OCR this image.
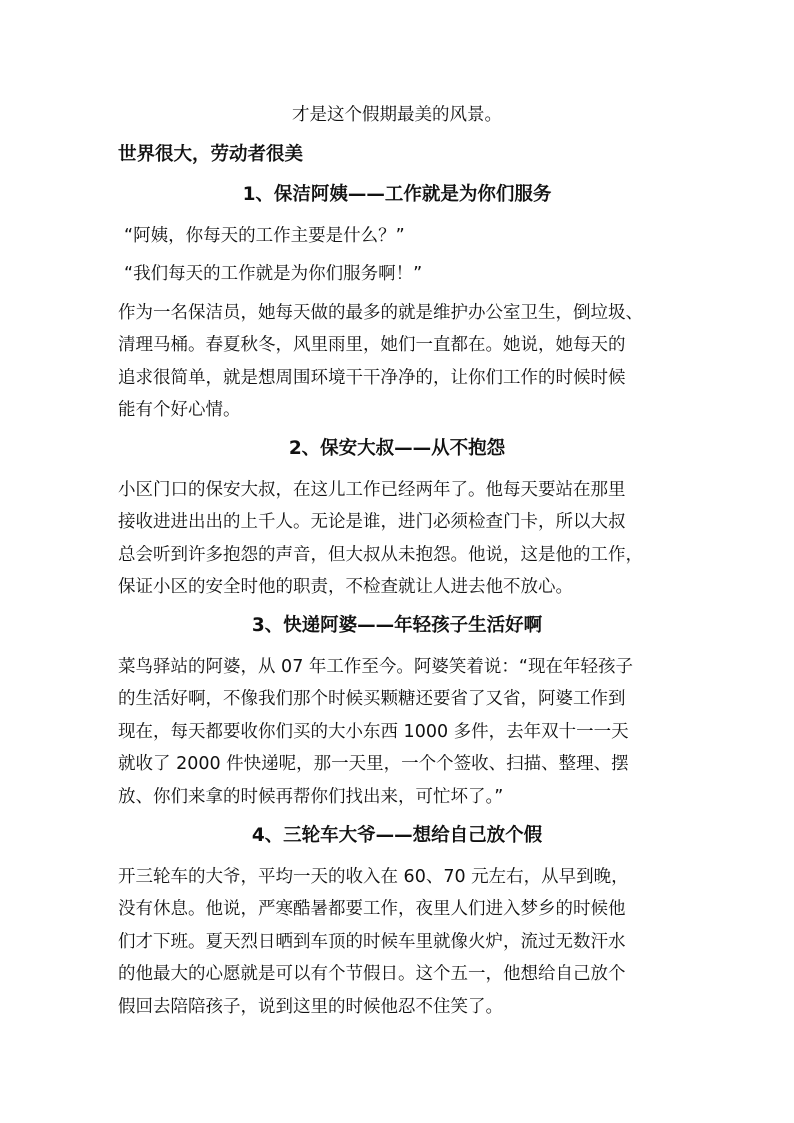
才是这个假期最美的风景。
世界很大，劳动者很美
1、保洁阿姨——工作就是为你们服务
“阿姨，你每天的工作主要是什么？”
“我们每天的工作就是为你们服务啊！”
作为一名保洁员，她每天做的最多的就是维护办公室卫生，倒垃圾、
清理马桶。春夏秋冬，风里雨里，她们一直都在。她说，她每天的
追求很简单，就是想周围环境干干净净的，让你们工作的时候时候
能有个好心情。
2、保安大叔——从不抱怨
小区门口的保安大叔，在这儿工作已经两年了。他每天要站在那里
接收进进出出的上千人。无论是谁，进门必须检查门卡，所以大叔
总会听到许多抱怨的声音，但大叔从未抱怨。他说，这是他的工作，
保证小区的安全时他的职责，不检查就让人进去他不放心。
3、快递阿婆——年轻孩子生活好啊
菜鸟驿站的阿婆，从 07 年工作至今。阿婆笑着说：“现在年轻孩子
的生活好啊，不像我们那个时候买颗糖还要省了又省，阿婆工作到
现在，每天都要收你们买的大小东西 1000 多件，去年双十一一天
就收了 2000 件快递呢，那一天里，一个个签收、扫描、整理、摆
放、你们来拿的时候再帮你们找出来，可忙坏了。”
4、三轮车大爷——想给自己放个假
开三轮车的大爷，平均一天的收入在 60、70 元左右，从早到晚，
没有休息。他说，严寒酷暑都要工作，夜里人们进入梦乡的时候他
们才下班。夏天烈日晒到车顶的时候车里就像火炉，流过无数汗水
的他最大的心愿就是可以有个节假日。这个五一，他想给自己放个
假回去陪陪孩子，说到这里的时候他忍不住笑了。
